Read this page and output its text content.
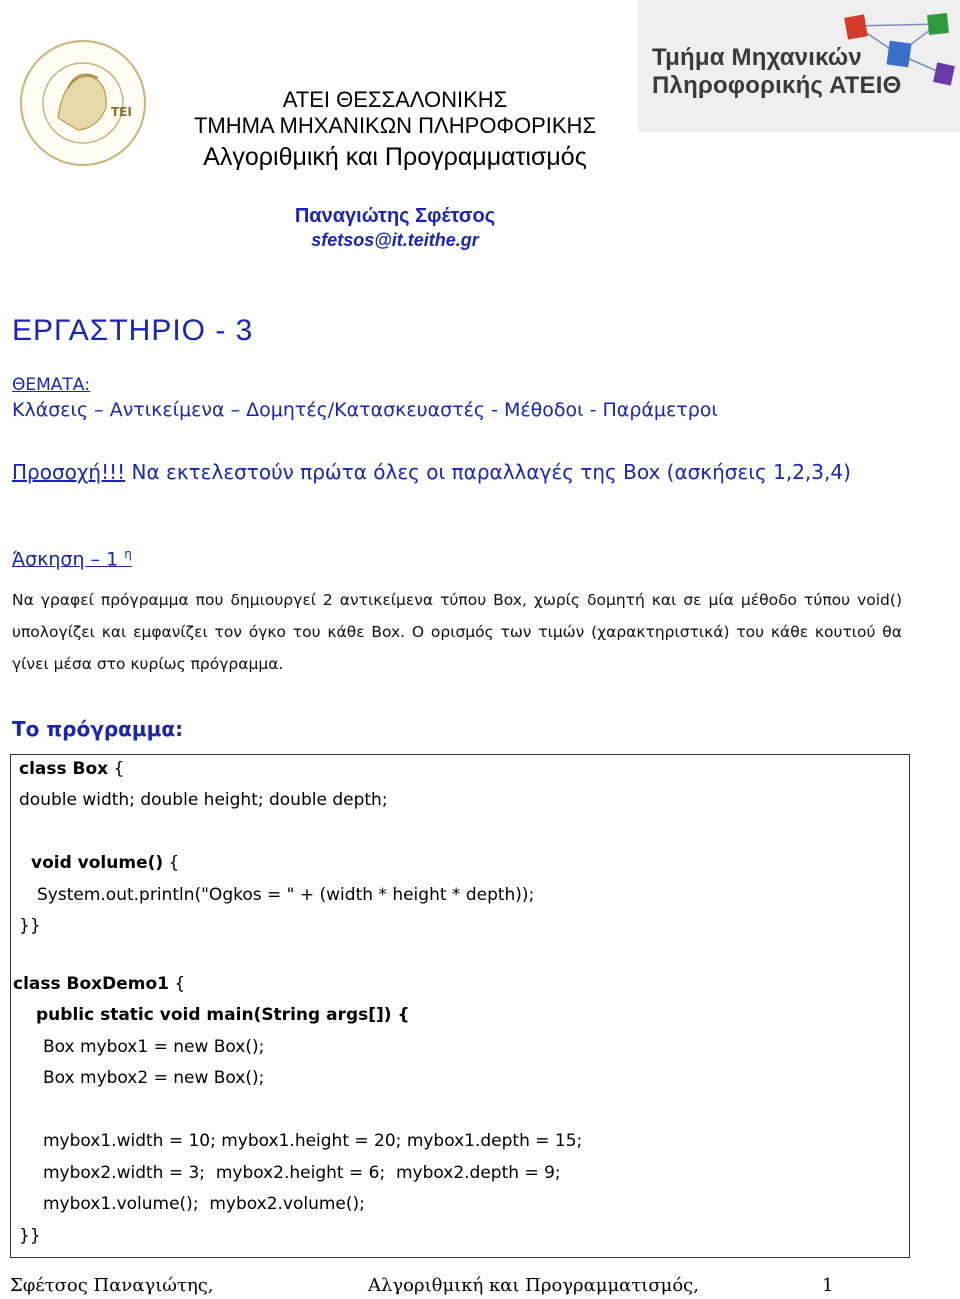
ΤΕΙ
Τμήμα Μηχανικών
Πληροφορικής ΑΤΕΙΘ
ΑΤΕΙ ΘΕΣΣΑΛΟΝΙΚΗΣ
ΤΜΗΜΑ ΜΗΧΑΝΙΚΩΝ ΠΛΗΡΟΦΟΡΙΚΗΣ
Αλγοριθμική και Προγραμματισμός
Παναγιώτης Σφέτσος
sfetsos@it.teithe.gr
ΕΡΓΑΣΤΗΡΙΟ - 3
ΘΕΜΑΤΑ:
Κλάσεις – Αντικείμενα – Δομητές/Κατασκευαστές - Μέθοδοι - Παράμετροι
Προσοχή!!! Να εκτελεστούν πρώτα όλες οι παραλλαγές της Box (ασκήσεις 1,2,3,4)
Άσκηση – 1 $^\eta$
Να γραφεί πρόγραμμα που δημιουργεί 2 αντικείμενα τύπου Box, χωρίς δομητή και σε μία μέθοδο τύπου void() υπολογίζει και εμφανίζει τον όγκο του κάθε Box. Ο ορισμός των τιμών (χαρακτηριστικά) του κάθε κουτιού θα γίνει μέσα στο κυρίως πρόγραμμα.
Το πρόγραμμα:
class Box {
double width; double height; double depth;
void volume() {
System.out.println("Ogkos = " + (width * height * depth));
}}
class BoxDemo1 {
public static void main(String args[]) {
Box mybox1 = new Box();
Box mybox2 = new Box();
mybox1.width = 10; mybox1.height = 20; mybox1.depth = 15;
mybox2.width = 3;  mybox2.height = 6;  mybox2.depth = 9;
mybox1.volume();  mybox2.volume();
}}
Σφέτσος Παναγιώτης,	Αλγοριθμική και Προγραμματισμός,	1
